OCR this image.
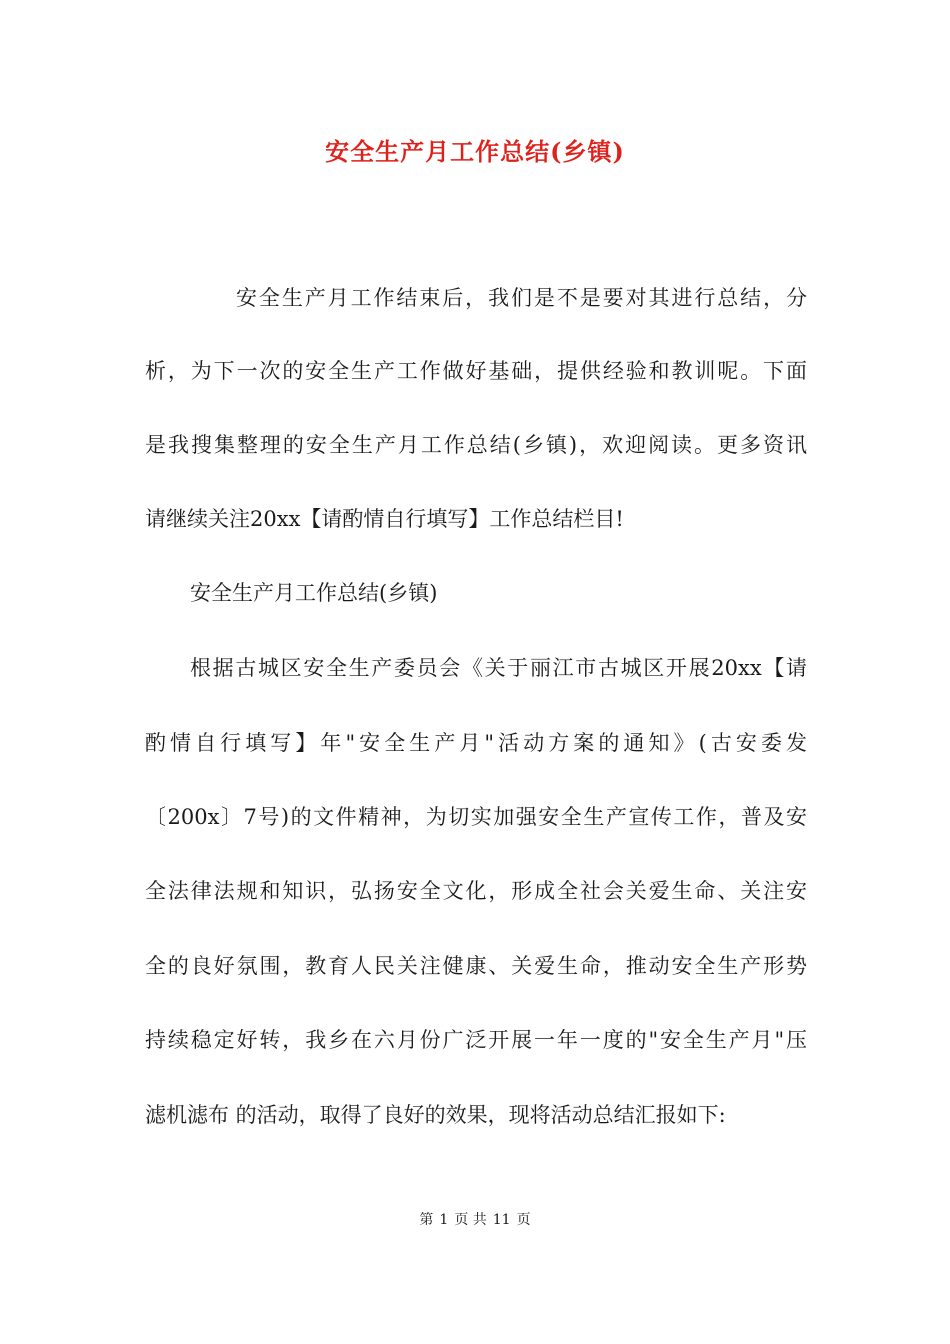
安全生产月工作总结(乡镇)
安全生产月工作结束后，我们是不是要对其进行总结，分
析，为下一次的安全生产工作做好基础，提供经验和教训呢。下面
是我搜集整理的安全生产月工作总结(乡镇)，欢迎阅读。更多资讯
请继续关注20xx【请酌情自行填写】工作总结栏目!
安全生产月工作总结(乡镇)
根据古城区安全生产委员会《关于丽江市古城区开展20xx【请
酌情自行填写】年"安全生产月"活动方案的通知》(古安委发
〔200x〕7号)的文件精神，为切实加强安全生产宣传工作，普及安
全法律法规和知识，弘扬安全文化，形成全社会关爱生命、关注安
全的良好氛围，教育人民关注健康、关爱生命，推动安全生产形势
持续稳定好转，我乡在六月份广泛开展一年一度的"安全生产月"压
滤机滤布 的活动，取得了良好的效果，现将活动总结汇报如下:
第 1 页 共 11 页
